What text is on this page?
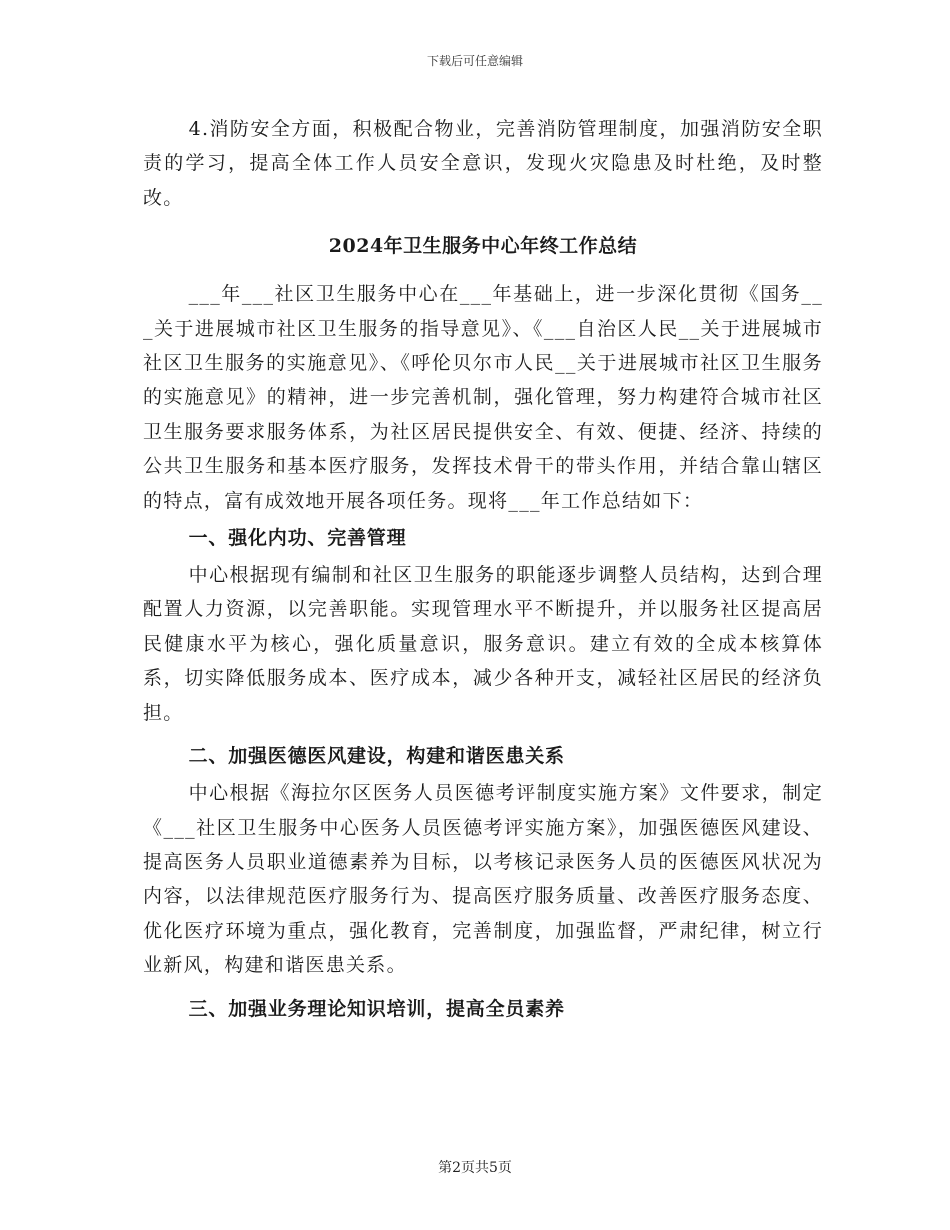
下载后可任意编辑

4.消防安全方面，积极配合物业，完善消防管理制度，加强消防安全职责的学习，提高全体工作人员安全意识，发现火灾隐患及时杜绝，及时整改。

2024年卫生服务中心年终工作总结

___年___社区卫生服务中心在___年基础上，进一步深化贯彻《国务___关于进展城市社区卫生服务的指导意见》、《___自治区人民__关于进展城市社区卫生服务的实施意见》、《呼伦贝尔市人民__关于进展城市社区卫生服务的实施意见》的精神，进一步完善机制，强化管理，努力构建符合城市社区卫生服务要求服务体系，为社区居民提供安全、有效、便捷、经济、持续的公共卫生服务和基本医疗服务，发挥技术骨干的带头作用，并结合靠山辖区的特点，富有成效地开展各项任务。现将___年工作总结如下：

一、强化内功、完善管理

中心根据现有编制和社区卫生服务的职能逐步调整人员结构，达到合理配置人力资源，以完善职能。实现管理水平不断提升，并以服务社区提高居民健康水平为核心，强化质量意识，服务意识。建立有效的全成本核算体系，切实降低服务成本、医疗成本，减少各种开支，减轻社区居民的经济负担。

二、加强医德医风建设，构建和谐医患关系

中心根据《海拉尔区医务人员医德考评制度实施方案》文件要求，制定《___社区卫生服务中心医务人员医德考评实施方案》，加强医德医风建设、提高医务人员职业道德素养为目标，以考核记录医务人员的医德医风状况为内容，以法律规范医疗服务行为、提高医疗服务质量、改善医疗服务态度、优化医疗环境为重点，强化教育，完善制度，加强监督，严肃纪律，树立行业新风，构建和谐医患关系。

三、加强业务理论知识培训，提高全员素养
第2页共5页
